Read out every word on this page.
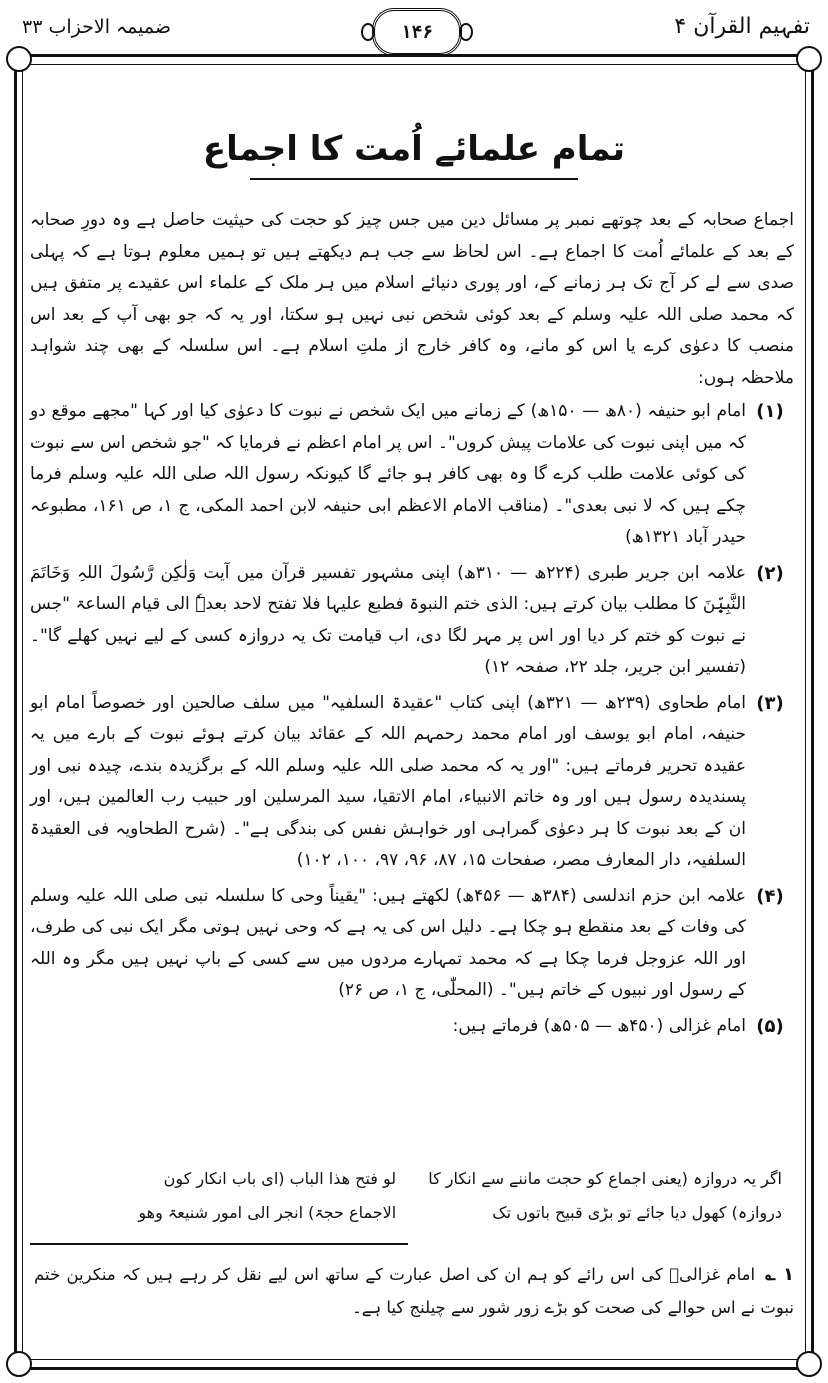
تفہیم القرآن ۴
۱۴۶
ضمیمہ الاحزاب ۳۳
تمام علمائے اُمت کا اجماع

اجماع صحابہ کے بعد چوتھے نمبر پر مسائل دین میں جس چیز کو حجت کی حیثیت حاصل ہے وہ دورِ صحابہ کے بعد کے علمائے اُمت کا اجماع ہے۔ اس لحاظ سے جب ہم دیکھتے ہیں تو ہمیں معلوم ہوتا ہے کہ پہلی صدی سے لے کر آج تک ہر زمانے کے، اور پوری دنیائے اسلام میں ہر ملک کے علماء اس عقیدے پر متفق ہیں کہ محمد صلی اللہ علیہ وسلم کے بعد کوئی شخص نبی نہیں ہو سکتا، اور یہ کہ جو بھی آپ کے بعد اس منصب کا دعوٰی کرے یا اس کو مانے، وہ کافر خارج از ملتِ اسلام ہے۔ اس سلسلہ کے بھی چند شواہد ملاحظہ ہوں:

(۱)
امام ابو حنیفہ (۸۰ھ — ۱۵۰ھ) کے زمانے میں ایک شخص نے نبوت کا دعوٰی کیا اور کہا "مجھے موقع دو کہ میں اپنی نبوت کی علامات پیش کروں"۔ اس پر امام اعظم نے فرمایا کہ "جو شخص اس سے نبوت کی کوئی علامت طلب کرے گا وہ بھی کافر ہو جائے گا کیونکہ رسول اللہ صلی اللہ علیہ وسلم فرما چکے ہیں کہ لا نبی بعدی"۔ (مناقب الامام الاعظم ابی حنیفہ لابن احمد المکی، ج ۱، ص ۱۶۱، مطبوعہ حیدر آباد ۱۳۲۱ھ)
(۲)
علامہ ابن جریر طبری (۲۲۴ھ — ۳۱۰ھ) اپنی مشہور تفسیر قرآن میں آیت وَلٰکِن رَّسُولَ اللہِ وَخَاتَمَ النَّبِیّٖنَ کا مطلب بیان کرتے ہیں: الذی ختم النبوۃ فطبع علیہا فلا تفتح لاحد بعدہٗ الی قیام الساعۃ "جس نے نبوت کو ختم کر دیا اور اس پر مہر لگا دی، اب قیامت تک یہ دروازہ کسی کے لیے نہیں کھلے گا"۔ (تفسیر ابن جریر، جلد ۲۲، صفحہ ۱۲)
(۳)
امام طحاوی (۲۳۹ھ — ۳۲۱ھ) اپنی کتاب "عقیدۃ السلفیہ" میں سلف صالحین اور خصوصاً امام ابو حنیفہ، امام ابو یوسف اور امام محمد رحمہم اللہ کے عقائد بیان کرتے ہوئے نبوت کے بارے میں یہ عقیدہ تحریر فرماتے ہیں: "اور یہ کہ محمد صلی اللہ علیہ وسلم اللہ کے برگزیدہ بندے، چیدہ نبی اور پسندیدہ رسول ہیں اور وہ خاتم الانبیاء، امام الاتقیا، سید المرسلین اور حبیب رب العالمین ہیں، اور ان کے بعد نبوت کا ہر دعوٰی گمراہی اور خواہش نفس کی بندگی ہے"۔ (شرح الطحاویہ فی العقیدۃ السلفیہ، دار المعارف مصر، صفحات ۱۵، ۸۷، ۹۶، ۹۷، ۱۰۰، ۱۰۲)
(۴)
علامہ ابن حزم اندلسی (۳۸۴ھ — ۴۵۶ھ) لکھتے ہیں: "یقیناً وحی کا سلسلہ نبی صلی اللہ علیہ وسلم کی وفات کے بعد منقطع ہو چکا ہے۔ دلیل اس کی یہ ہے کہ وحی نہیں ہوتی مگر ایک نبی کی طرف، اور اللہ عزوجل فرما چکا ہے کہ محمد تمہارے مردوں میں سے کسی کے باپ نہیں ہیں مگر وہ اللہ کے رسول اور نبیوں کے خاتم ہیں"۔ (المحلّٰی، ج ۱، ص ۲۶)
(۵)
امام غزالی (۴۵۰ھ — ۵۰۵ھ) فرماتے ہیں:
اگر یہ دروازہ (یعنی اجماع کو حجت ماننے سے انکار کا
لو فتح ھذا الباب (ای باب انکار کون
دروازہ) کھول دیا جائے تو بڑی قبیح باتوں تک
الاجماع حجۃ) انجر الی امور شنیعۃ وھو
۱ ؎امام غزالیؒ کی اس رائے کو ہم ان کی اصل عبارت کے ساتھ اس لیے نقل کر رہے ہیں کہ منکرین ختم نبوت نے اس حوالے کی صحت کو بڑے زور شور سے چیلنج کیا ہے۔
